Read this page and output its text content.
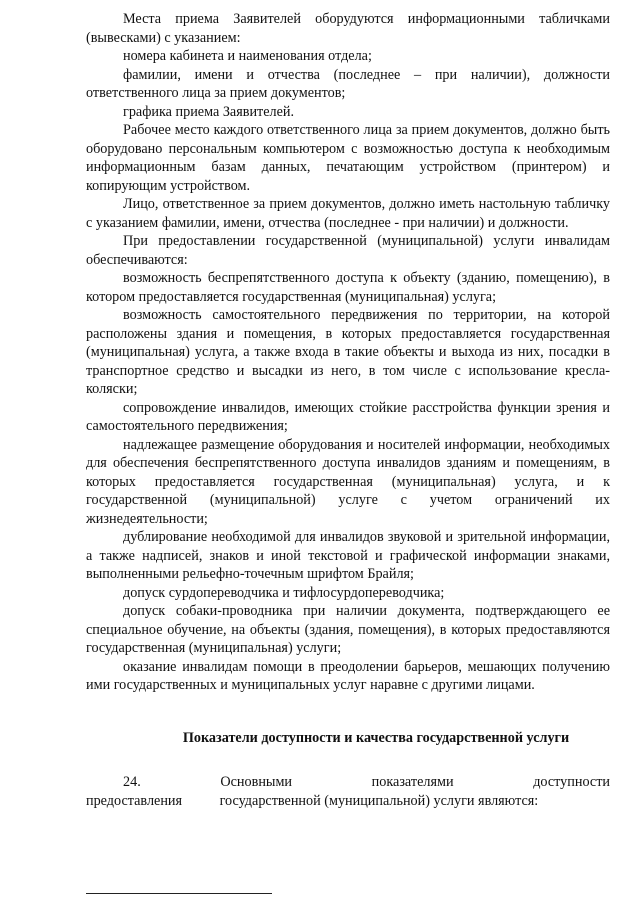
Места приема Заявителей оборудуются информационными табличками (вывесками) с указанием:

номера кабинета и наименования отдела;

фамилии, имени и отчества (последнее – при наличии), должности ответственного лица за прием документов;

графика приема Заявителей.

Рабочее место каждого ответственного лица за прием документов, должно быть оборудовано персональным компьютером с возможностью доступа к необходимым информационным базам данных, печатающим устройством (принтером) и копирующим устройством.

Лицо, ответственное за прием документов, должно иметь настольную табличку с указанием фамилии, имени, отчества (последнее - при наличии) и должности.

При предоставлении государственной (муниципальной) услуги инвалидам обеспечиваются:

возможность беспрепятственного доступа к объекту (зданию, помещению), в котором предоставляется государственная (муниципальная) услуга;

возможность самостоятельного передвижения по территории, на которой расположены здания и помещения, в которых предоставляется государственная (муниципальная) услуга, а также входа в такие объекты и выхода из них, посадки в транспортное средство и высадки из него, в том числе с использование кресла-коляски;

сопровождение инвалидов, имеющих стойкие расстройства функции зрения и самостоятельного передвижения;

надлежащее размещение оборудования и носителей информации, необходимых для обеспечения беспрепятственного доступа инвалидов зданиям и помещениям, в которых предоставляется государственная (муниципальная) услуга, и к государственной (муниципальной) услуге с учетом ограничений их жизнедеятельности;

дублирование необходимой для инвалидов звуковой и зрительной информации, а также надписей, знаков и иной текстовой и графической информации знаками, выполненными рельефно-точечным шрифтом Брайля;

допуск сурдопереводчика и тифлосурдопереводчика;

допуск собаки-проводника при наличии документа, подтверждающего ее специальное обучение, на объекты (здания, помещения), в которых предоставляются государственная (муниципальная) услуги;

оказание инвалидам помощи в преодолении барьеров, мешающих получению ими государственных и муниципальных услуг наравне с другими лицами.

Показатели доступности и качества государственной услуги

24.	Основными показателями доступности предоставления	государственной (муниципальной) услуги являются:
